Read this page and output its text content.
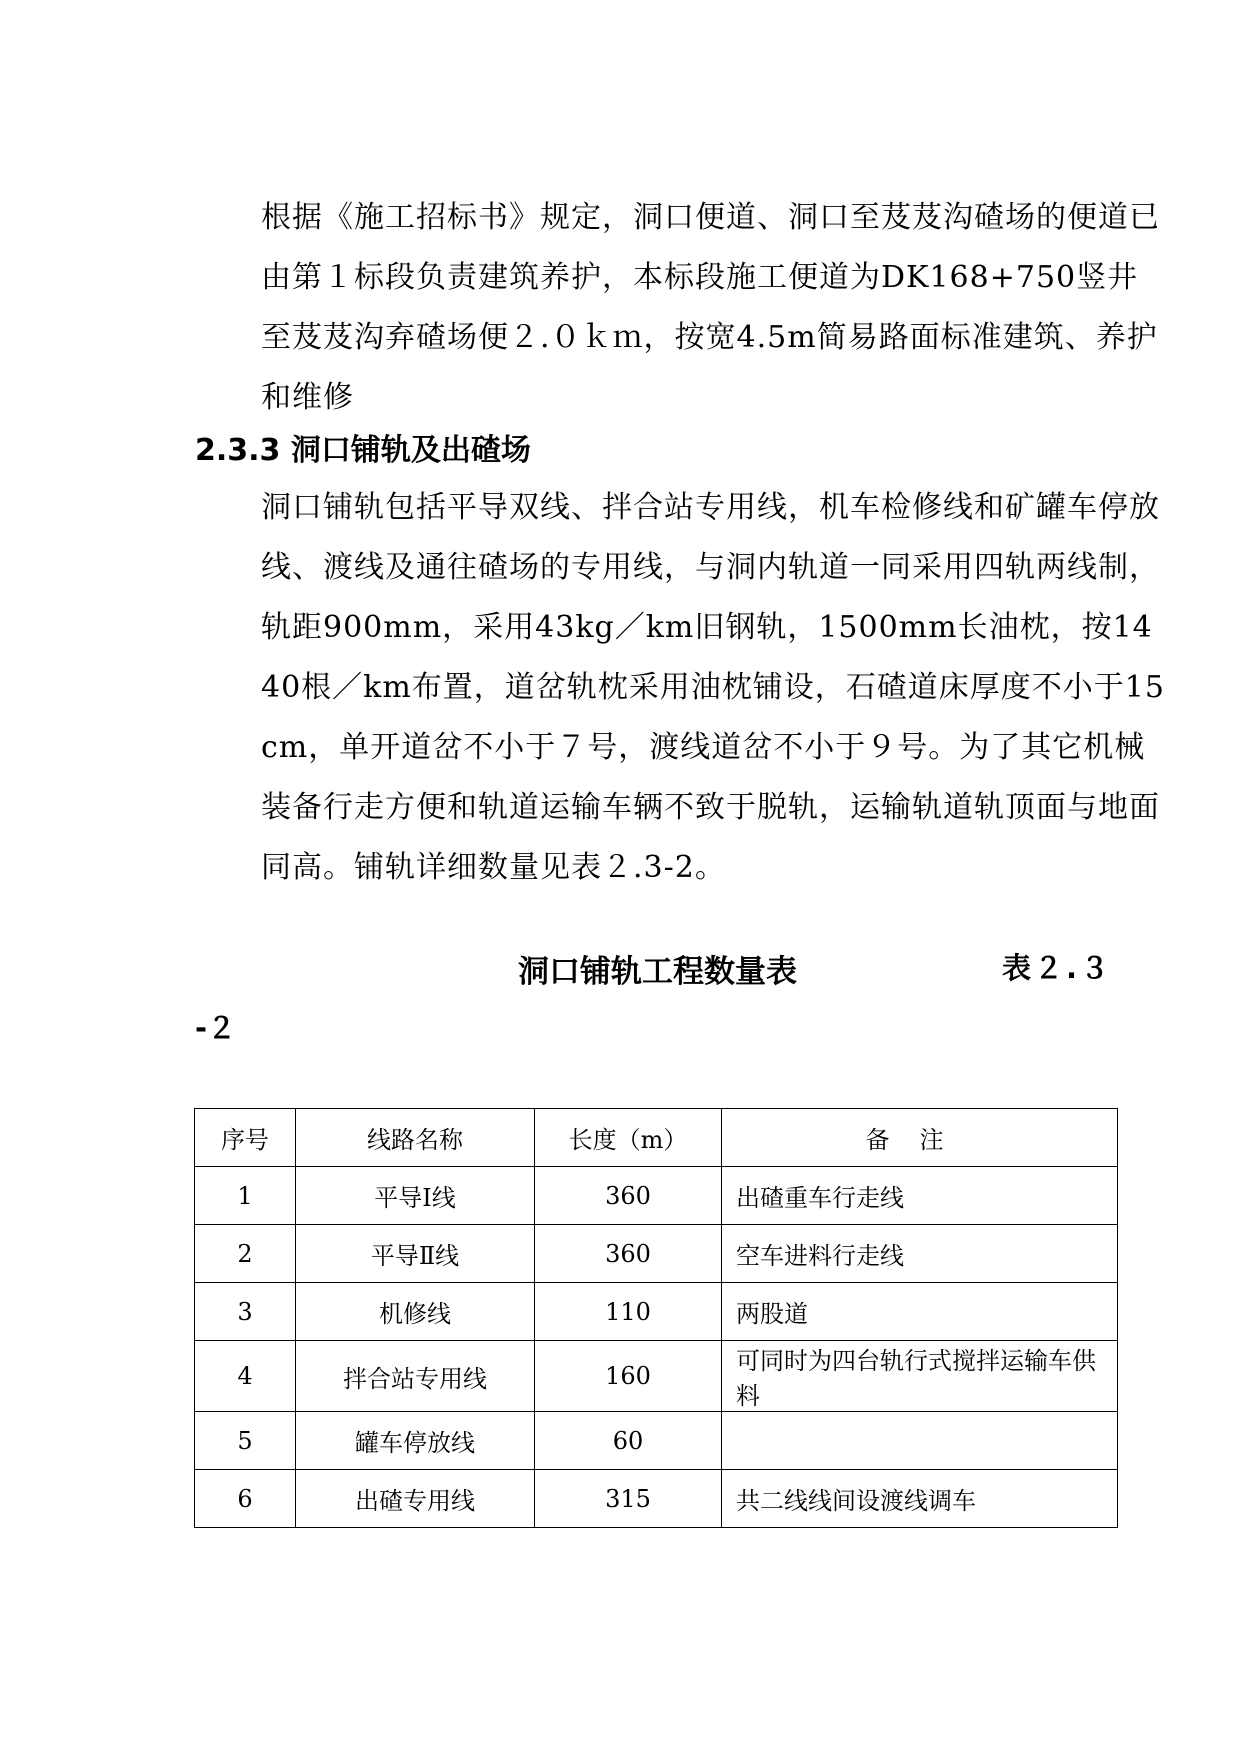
根据《施工招标书》规定，洞口便道、洞口至芨芨沟碴场的便道已由第１标段负责建筑养护，本标段施工便道为DK168+750竖井至芨芨沟弃碴场便２.０ｋｍ，按宽4.5m简易路面标准建筑、养护和维修

2.3.3 洞口铺轨及出碴场

洞口铺轨包括平导双线、拌合站专用线，机车检修线和矿罐车停放线、渡线及通往碴场的专用线，与洞内轨道一同采用四轨两线制，轨距900mm，采用43kg／km旧钢轨，1500mm长油枕，按1440根／km布置，道岔轨枕采用油枕铺设，石碴道床厚度不小于15cm，单开道岔不小于７号，渡线道岔不小于９号。为了其它机械装备行走方便和轨道运输车辆不致于脱轨，运输轨道轨顶面与地面同高。铺轨详细数量见表２.3-2。

洞口铺轨工程数量表	表２.３
-２
序号	线路名称	长度（m）	备注
1	平导Ⅰ线	360	出碴重车行走线
2	平导Ⅱ线	360	空车进料行走线
3	机修线	110	两股道
4	拌合站专用线	160	可同时为四台轨行式搅拌运输车供料
5	罐车停放线	60	
6	出碴专用线	315	共二线线间设渡线调车
